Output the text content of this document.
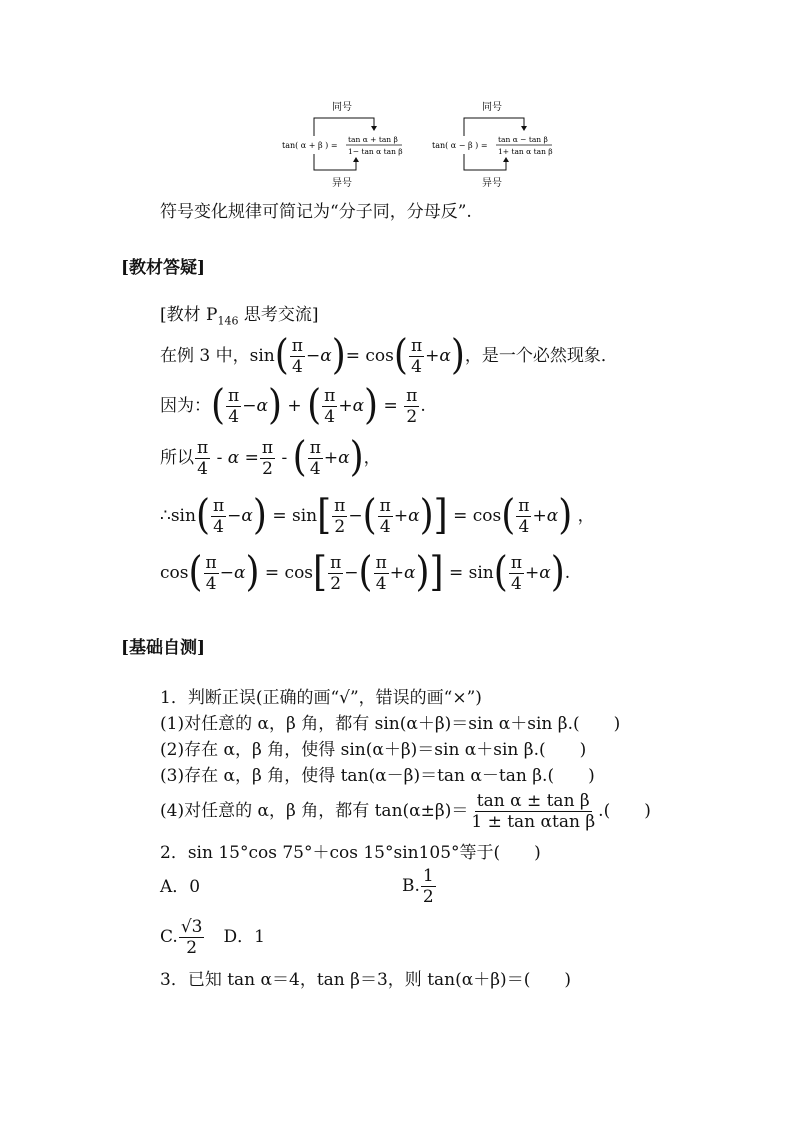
同号
tan( α + β ) =
tan α + tan β
1− tan α tan β
异号
同号
tan( α − β ) =
tan α − tan β
1+ tan α tan β
异号
符号变化规律可简记为“分子同，分母反”.
[教材答疑]
[教材 $P_{146}$ 思考交流]
在例 3 中，sin ( $\frac{\pi}{4} -\alpha$ ) = cos ( $\frac{\pi}{4} +\alpha$ ) ，是一个必然现象．
因为： ( $\frac{\pi}{4} -\alpha$ ) + ( $\frac{\pi}{4} +\alpha$ ) = $\frac{\pi}{2}$ .
所以 $\frac{\pi}{4} - \alpha = \frac{\pi}{2}$ - ( $\frac{\pi}{4} +\alpha$ ) ，
∴sin ( $\frac{\pi}{4} -\alpha$ ) = sin [ $\frac{\pi}{2}$ − ( $\frac{\pi}{4} +\alpha$ ) ] = cos ( $\frac{\pi}{4} +\alpha$ ) ，
cos ( $\frac{\pi}{4} -\alpha$ ) = cos [ $\frac{\pi}{2}$ − ( $\frac{\pi}{4} +\alpha$ ) ] = sin ( $\frac{\pi}{4} +\alpha$ ) .
[基础自测]
1．判断正误(正确的画“√”，错误的画“×”)
(1)对任意的 α，β 角，都有 sin(α＋β)＝sin α＋sin β.(　　)
(2)存在 α，β 角，使得 sin(α＋β)＝sin α＋sin β.(　　)
(3)存在 α，β 角，使得 tan(α－β)＝tan α－tan β.(　　)
(4)对任意的 α，β 角，都有 $\tan(\alpha\pm\beta)= \frac{\text{tan α ± tan β}}{\text{1 ± tan αtan β}}$ .(　　)
2．sin 15°cos 75°＋cos 15°sin105°等于(　　)
A．0	B. $\frac{1}{2}$
C. $\frac{√3}{2}$ D．1
3．已知 tan α＝4，tan β＝3，则 tan(α＋β)＝(　　)
